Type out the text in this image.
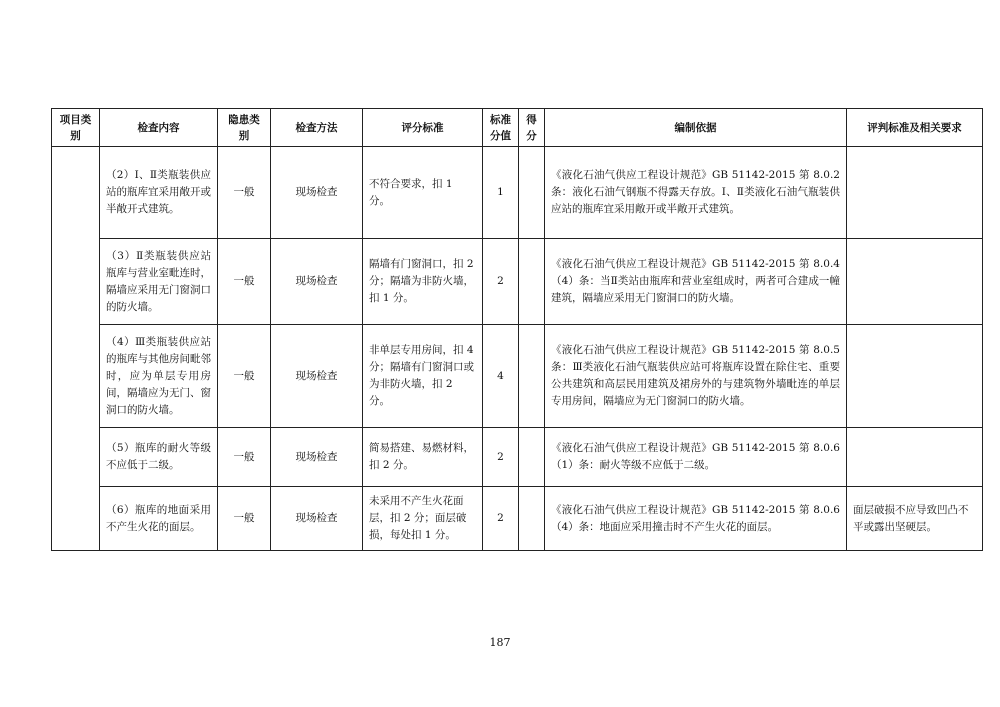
项目类别	检查内容	隐患类别	检查方法	评分标准	标准分值	得分	编制依据	评判标准及相关要求
	（2）Ⅰ、Ⅱ类瓶装供应站的瓶库宜采用敞开或半敞开式建筑。	一般	现场检查	不符合要求，扣 1 分。	1		《液化石油气供应工程设计规范》GB 51142-2015 第 8.0.2 条：液化石油气钢瓶不得露天存放。Ⅰ、Ⅱ类液化石油气瓶装供应站的瓶库宜采用敞开或半敞开式建筑。	
	（3）Ⅱ类瓶装供应站瓶库与营业室毗连时，隔墙应采用无门窗洞口的防火墙。	一般	现场检查	隔墙有门窗洞口，扣 2 分；隔墙为非防火墙，扣 1 分。	2		《液化石油气供应工程设计规范》GB 51142-2015 第 8.0.4（4）条：当Ⅱ类站由瓶库和营业室组成时，两者可合建成一幢建筑，隔墙应采用无门窗洞口的防火墙。	
	（4）Ⅲ类瓶装供应站的瓶库与其他房间毗邻时，应为单层专用房间，隔墙应为无门、窗洞口的防火墙。	一般	现场检查	非单层专用房间，扣 4 分；隔墙有门窗洞口或为非防火墙，扣 2 分。	4		《液化石油气供应工程设计规范》GB 51142-2015 第 8.0.5 条：Ⅲ类液化石油气瓶装供应站可将瓶库设置在除住宅、重要公共建筑和高层民用建筑及裙房外的与建筑物外墙毗连的单层专用房间，隔墙应为无门窗洞口的防火墙。	
	（5）瓶库的耐火等级不应低于二级。	一般	现场检查	简易搭建、易燃材料，扣 2 分。	2		《液化石油气供应工程设计规范》GB 51142-2015 第 8.0.6（1）条：耐火等级不应低于二级。	
	（6）瓶库的地面采用不产生火花的面层。	一般	现场检查	未采用不产生火花面层，扣 2 分；面层破损，每处扣 1 分。	2		《液化石油气供应工程设计规范》GB 51142-2015 第 8.0.6（4）条：地面应采用撞击时不产生火花的面层。	面层破损不应导致凹凸不平或露出坚硬层。
187
